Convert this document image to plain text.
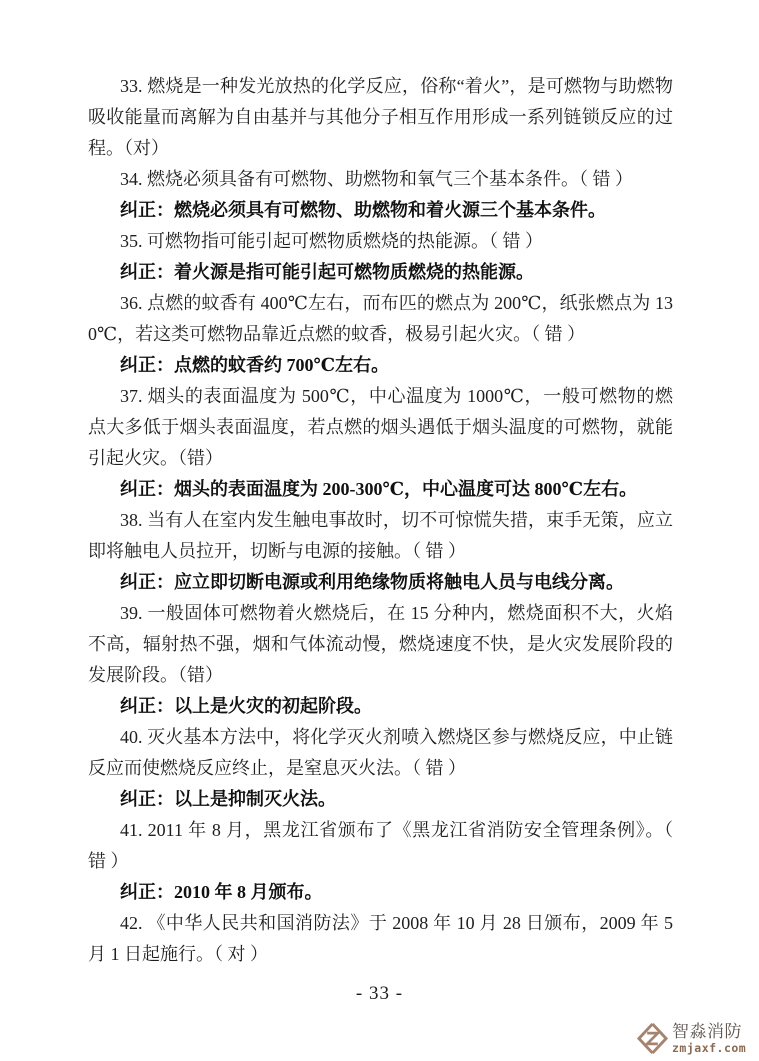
33. 燃烧是一种发光放热的化学反应，俗称“着火”，是可燃物与助燃物吸收能量而离解为自由基并与其他分子相互作用形成一系列链锁反应的过程。（对）

34. 燃烧必须具备有可燃物、助燃物和氧气三个基本条件。（ 错 ）

纠正：燃烧必须具有可燃物、助燃物和着火源三个基本条件。

35. 可燃物指可能引起可燃物质燃烧的热能源。（ 错 ）

纠正：着火源是指可能引起可燃物质燃烧的热能源。

36. 点燃的蚊香有 400℃左右，而布匹的燃点为 200℃，纸张燃点为 130℃，若这类可燃物品靠近点燃的蚊香，极易引起火灾。（ 错 ）

纠正：点燃的蚊香约 700℃左右。

37. 烟头的表面温度为 500℃，中心温度为 1000℃，一般可燃物的燃点大多低于烟头表面温度，若点燃的烟头遇低于烟头温度的可燃物，就能引起火灾。（错）

纠正：烟头的表面温度为 200-300℃，中心温度可达 800℃左右。

38. 当有人在室内发生触电事故时，切不可惊慌失措，束手无策，应立即将触电人员拉开，切断与电源的接触。（ 错 ）

纠正：应立即切断电源或利用绝缘物质将触电人员与电线分离。

39. 一般固体可燃物着火燃烧后，在 15 分种内，燃烧面积不大，火焰不高，辐射热不强，烟和气体流动慢，燃烧速度不快，是火灾发展阶段的发展阶段。（错）

纠正：以上是火灾的初起阶段。

40. 灭火基本方法中，将化学灭火剂喷入燃烧区参与燃烧反应，中止链反应而使燃烧反应终止，是窒息灭火法。（ 错 ）

纠正：以上是抑制灭火法。

41. 2011 年 8 月，黑龙江省颁布了《黑龙江省消防安全管理条例》。（ 错 ）

纠正：2010 年 8 月颁布。

42. 《中华人民共和国消防法》于 2008 年 10 月 28 日颁布，2009 年 5 月 1 日起施行。（ 对 ）

- 33 -
智淼消防
zmjaxf.com
